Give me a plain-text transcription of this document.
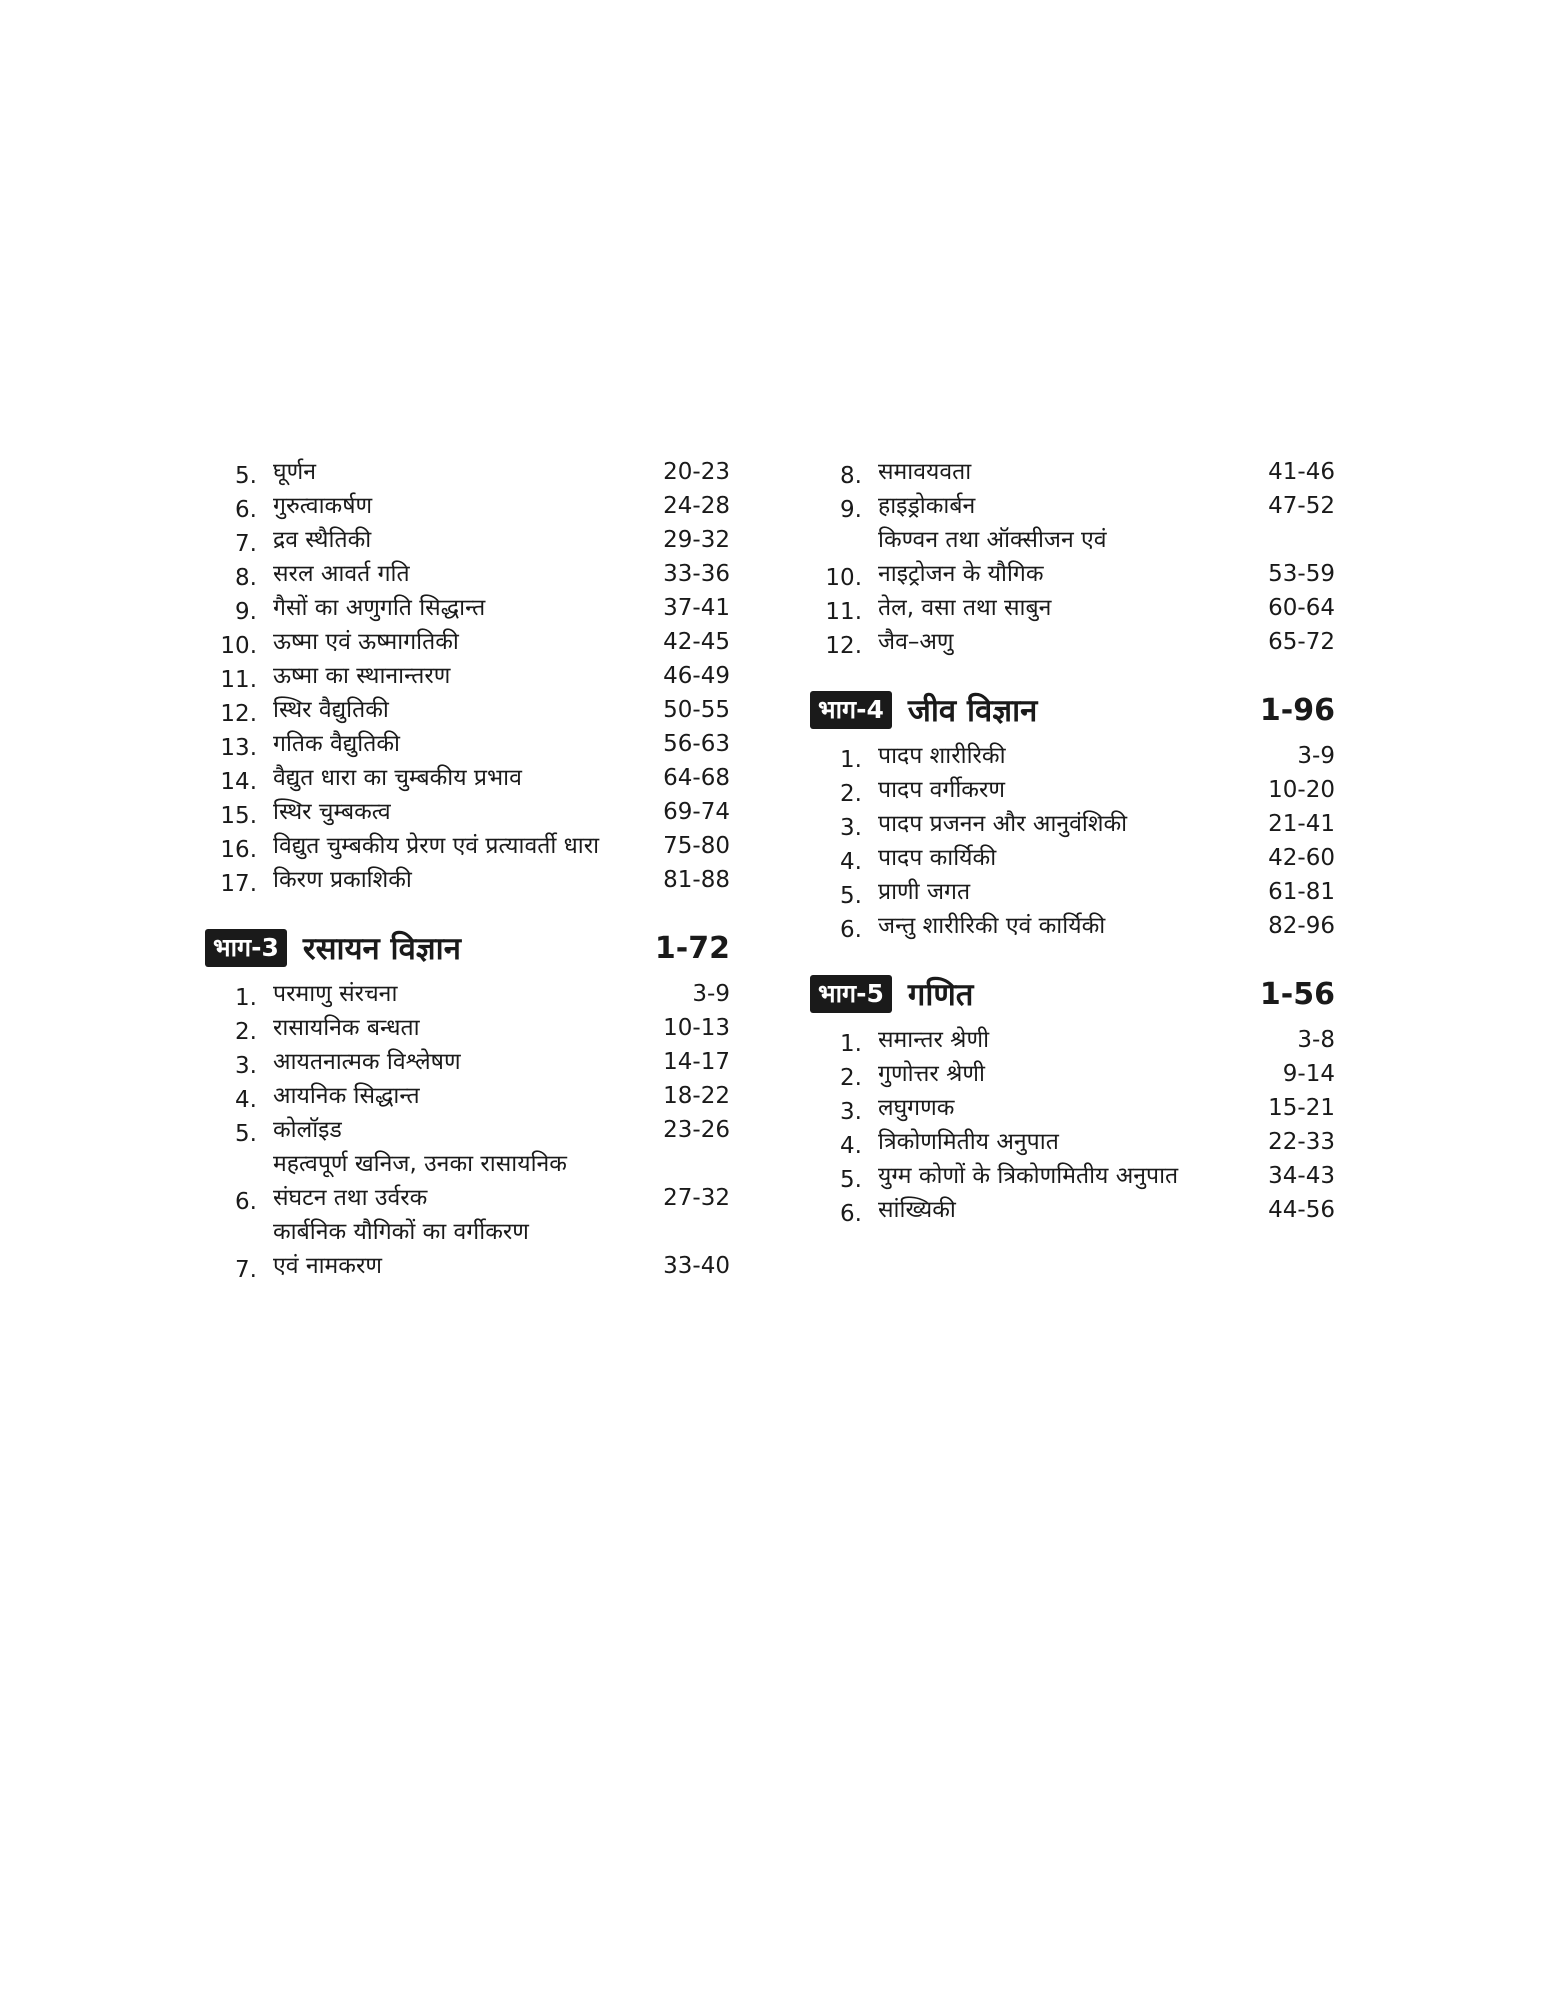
5. घूर्णन	20-23
6. गुरुत्वाकर्षण	24-28
7. द्रव स्थैतिकी	29-32
8. सरल आवर्त गति	33-36
9. गैसों का अणुगति सिद्धान्त	37-41
10. ऊष्मा एवं ऊष्मागतिकी	42-45
11. ऊष्मा का स्थानान्तरण	46-49
12. स्थिर वैद्युतिकी	50-55
13. गतिक वैद्युतिकी	56-63
14. वैद्युत धारा का चुम्बकीय प्रभाव	64-68
15. स्थिर चुम्बकत्व	69-74
16. विद्युत चुम्बकीय प्रेरण एवं प्रत्यावर्ती धारा	75-80
17. किरण प्रकाशिकी	81-88
भाग-3 रसायन विज्ञान	1-72
1. परमाणु संरचना	3-9
2. रासायनिक बन्धता	10-13
3. आयतनात्मक विश्लेषण	14-17
4. आयनिक सिद्धान्त	18-22
5. कोलॉइड	23-26
6.
महत्वपूर्ण खनिज, उनका रासायनिक
संघटन तथा उर्वरक	27-32
7.
कार्बनिक यौगिकों का वर्गीकरण
एवं नामकरण	33-40
8. समावयवता	41-46
9. हाइड्रोकार्बन	47-52
10.
किण्वन तथा ऑक्सीजन एवं
नाइट्रोजन के यौगिक	53-59
11. तेल, वसा तथा साबुन	60-64
12. जैव–अणु	65-72
भाग-4 जीव विज्ञान	1-96
1. पादप शारीरिकी	3-9
2. पादप वर्गीकरण	10-20
3. पादप प्रजनन और आनुवंशिकी	21-41
4. पादप कार्यिकी	42-60
5. प्राणी जगत	61-81
6. जन्तु शारीरिकी एवं कार्यिकी	82-96
भाग-5 गणित	1-56
1. समान्तर श्रेणी	3-8
2. गुणोत्तर श्रेणी	9-14
3. लघुगणक	15-21
4. त्रिकोणमितीय अनुपात	22-33
5. युग्म कोणों के त्रिकोणमितीय अनुपात	34-43
6. सांख्यिकी	44-56
